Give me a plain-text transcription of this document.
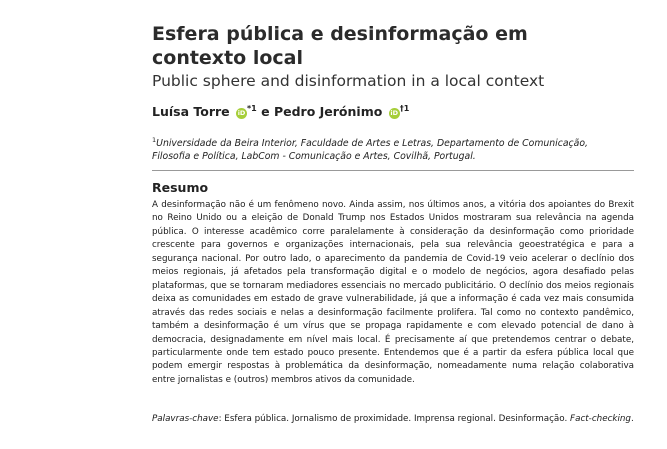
Esfera pública e desinformação em contexto local
Public sphere and disinformation in a local context
Luísa Torre iD $^{*1}$ e Pedro Jerónimo iD $^{\dagger 1}$
$^1$Universidade da Beira Interior, Faculdade de Artes e Letras, Departamento de Comunicação, Filosofia e Política, LabCom - Comunicação e Artes, Covilhã, Portugal.
Resumo
A desinformação não é um fenômeno novo. Ainda assim, nos últimos anos, a vitória dos apoiantes do Brexit no Reino Unido ou a eleição de Donald Trump nos Estados Unidos mostraram sua relevância na agenda pública. O interesse acadêmico corre paralelamente à consideração da desinformação como prioridade crescente para governos e organizações internacionais, pela sua relevância geoestratégica e para a segurança nacional. Por outro lado, o aparecimento da pandemia de Covid-19 veio acelerar o declínio dos meios regionais, já afetados pela transformação digital e o modelo de negócios, agora desafiado pelas plataformas, que se tornaram mediadores essenciais no mercado publicitário. O declínio dos meios regionais deixa as comunidades em estado de grave vulnerabilidade, já que a informação é cada vez mais consumida através das redes sociais e nelas a desinformação facilmente prolifera. Tal como no contexto pandêmico, também a desinformação é um vírus que se propaga rapidamente e com elevado potencial de dano à democracia, designadamente em nível mais local. É precisamente aí que pretendemos centrar o debate, particularmente onde tem estado pouco presente. Entendemos que é a partir da esfera pública local que podem emergir respostas à problemática da desinformação, nomeadamente numa relação colaborativa entre jornalistas e (outros) membros ativos da comunidade.
Palavras-chave: Esfera pública. Jornalismo de proximidade. Imprensa regional. Desinformação. Fact-checking.
